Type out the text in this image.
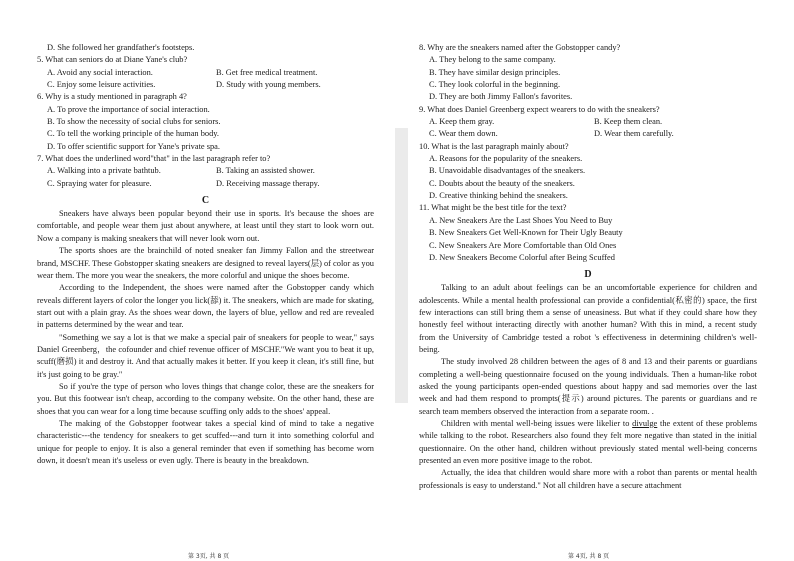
D. She followed her grandfather's footsteps.
5. What can seniors do at Diane Yane's club?
A. Avoid any social interaction.	B. Get free medical treatment.
C. Enjoy some leisure activities.	D. Study with young members.
6. Why is a study mentioned in paragraph 4?
A. To prove the importance of social interaction.
B. To show the necessity of social clubs for seniors.
C. To tell the working principle of the human body.
D. To offer scientific support for Yane's private spa.
7. What does the underlined word"that" in the last paragraph refer to?
A. Walking into a private bathtub.	B. Taking an assisted shower.
C. Spraying water for pleasure.	D. Receiving massage therapy.
C
Sneakers have always been popular beyond their use in sports. It's because the shoes are comfortable, and people wear them just about anywhere, at least until they start to look worn out. Now a company is making sneakers that will never look worn out.
The sports shoes are the brainchild of noted sneaker fan Jimmy Fallon and the streetwear brand, MSCHF. These Gobstopper skating sneakers are designed to reveal layers(层) of color as you wear them. The more you wear the sneakers, the more colorful and unique the shoes become.
According to the Independent, the shoes were named after the Gobstopper candy which reveals different layers of color the longer you lick(舔) it. The sneakers, which are made for skating, start out with a plain gray. As the shoes wear down, the layers of blue, yellow and red are revealed in patterns determined by the wear and tear.
"Something we say a lot is that we make a special pair of sneakers for people to wear," says Daniel Greenberg，the cofounder and chief revenue officer of MSCHF."We want you to beat it up, scuff(磨损) it and destroy it. And that actually makes it better. If you keep it clean, it's still fine, but it's just going to be gray."
So if you're the type of person who loves things that change color, these are the sneakers for you. But this footwear isn't cheap, according to the company website. On the other hand, these are shoes that you can wear for a long time because scuffing only adds to the shoes' appeal.
The making of the Gobstopper footwear takes a special kind of mind to take a negative characteristic---the tendency for sneakers to get scuffed---and turn it into something colorful and unique for people to enjoy. It is also a general reminder that even if something has become worn down, it doesn't mean it's useless or even ugly. There is beauty in the breakdown.
8. Why are the sneakers named after the Gobstopper candy?
A. They belong to the same company.
B. They have similar design principles.
C. They look colorful in the beginning.
D. They are both Jimmy Fallon's favorites.
9. What does Daniel Greenberg expect wearers to do with the sneakers?
A. Keep them gray.	B. Keep them clean.
C. Wear them down.	D. Wear them carefully.
10. What is the last paragraph mainly about?
A. Reasons for the popularity of the sneakers.
B. Unavoidable disadvantages of the sneakers.
C. Doubts about the beauty of the sneakers.
D. Creative thinking behind the sneakers.
11. What might be the best title for the text?
A. New Sneakers Are the Last Shoes You Need to Buy
B. New Sneakers Get Well-Known for Their Ugly Beauty
C. New Sneakers Are More Comfortable than Old Ones
D. New Sneakers Become Colorful after Being Scuffed
D
Talking to an adult about feelings can be an uncomfortable experience for children and adolescents. While a mental health professional can provide a confidential(私密的) space, the first few interactions can still bring them a sense of uneasiness. But what if they could share how they honestly feel without interacting directly with another human? With this in mind, a recent study from the University of Cambridge tested a robot 's effectiveness in determining children's well-being.
The study involved 28 children between the ages of 8 and 13 and their parents or guardians completing a well-being questionnaire focused on the young individuals. Then a human-like robot asked the young participants open-ended questions about happy and sad memories over the last week and had them respond to prompts(提示) around pictures. The parents or guardians and re search team members observed the interaction from a separate room. .
Children with mental well-being issues were likelier to divulge the extent of these problems while talking to the robot. Researchers also found they felt more negative than stated in the initial questionnaire. On the other hand, children without previously stated mental well-being concerns presented an even more positive image to the robot.
Actually, the idea that children would share more with a robot than parents or mental health professionals is easy to understand." Not all children have a secure attachment
第 3页, 共 8 页	第 4页, 共 8 页
